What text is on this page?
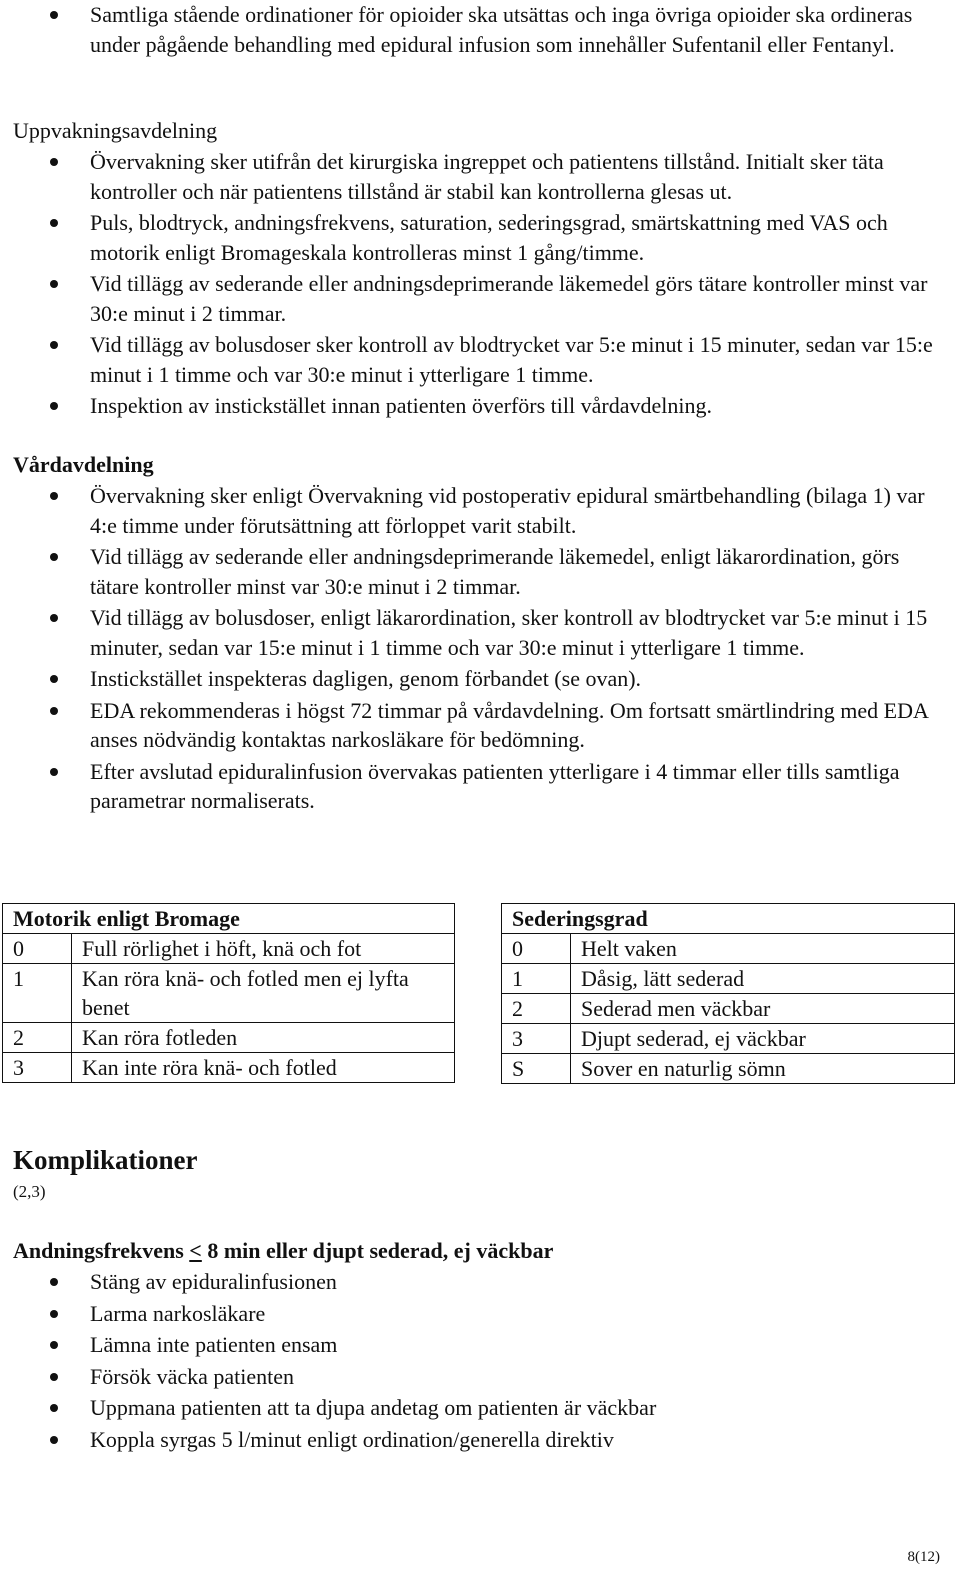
Samtliga stående ordinationer för opioider ska utsättas och inga övriga opioider ska ordineras under pågående behandling med epidural infusion som innehåller Sufentanil eller Fentanyl.
Uppvakningsavdelning
Övervakning sker utifrån det kirurgiska ingreppet och patientens tillstånd. Initialt sker täta kontroller och när patientens tillstånd är stabil kan kontrollerna glesas ut.
Puls, blodtryck, andningsfrekvens, saturation, sederingsgrad, smärtskattning med VAS och motorik enligt Bromageskala kontrolleras minst 1 gång/timme.
Vid tillägg av sederande eller andningsdeprimerande läkemedel görs tätare kontroller minst var 30:e minut i 2 timmar.
Vid tillägg av bolusdoser sker kontroll av blodtrycket var 5:e minut i 15 minuter, sedan var 15:e minut i 1 timme och var 30:e minut i ytterligare 1 timme.
Inspektion av instickstället innan patienten överförs till vårdavdelning.
Vårdavdelning
Övervakning sker enligt Övervakning vid postoperativ epidural smärtbehandling (bilaga 1) var 4:e timme under förutsättning att förloppet varit stabilt.
Vid tillägg av sederande eller andningsdeprimerande läkemedel, enligt läkarordination, görs tätare kontroller minst var 30:e minut i 2 timmar.
Vid tillägg av bolusdoser, enligt läkarordination, sker kontroll av blodtrycket var 5:e minut i 15 minuter, sedan var 15:e minut i 1 timme och var 30:e minut i ytterligare 1 timme.
Instickstället inspekteras dagligen, genom förbandet (se ovan).
EDA rekommenderas i högst 72 timmar på vårdavdelning. Om fortsatt smärtlindring med EDA anses nödvändig kontaktas narkosläkare för bedömning.
Efter avslutad epiduralinfusion övervakas patienten ytterligare i 4 timmar eller tills samtliga parametrar normaliserats.
Motorik enligt Bromage	
0	Full rörlighet i höft, knä och fot
1	Kan röra knä- och fotled men ej lyfta benet
2	Kan röra fotleden
3	Kan inte röra knä- och fotled
Sederingsgrad	
0	Helt vaken
1	Dåsig, lätt sederad
2	Sederad men väckbar
3	Djupt sederad, ej väckbar
S	Sover en naturlig sömn
Komplikationer
(2,3)
Andningsfrekvens < 8 min eller djupt sederad, ej väckbar
Stäng av epiduralinfusionen
Larma narkosläkare
Lämna inte patienten ensam
Försök väcka patienten
Uppmana patienten att ta djupa andetag om patienten är väckbar
Koppla syrgas 5 l/minut enligt ordination/generella direktiv
8(12)
